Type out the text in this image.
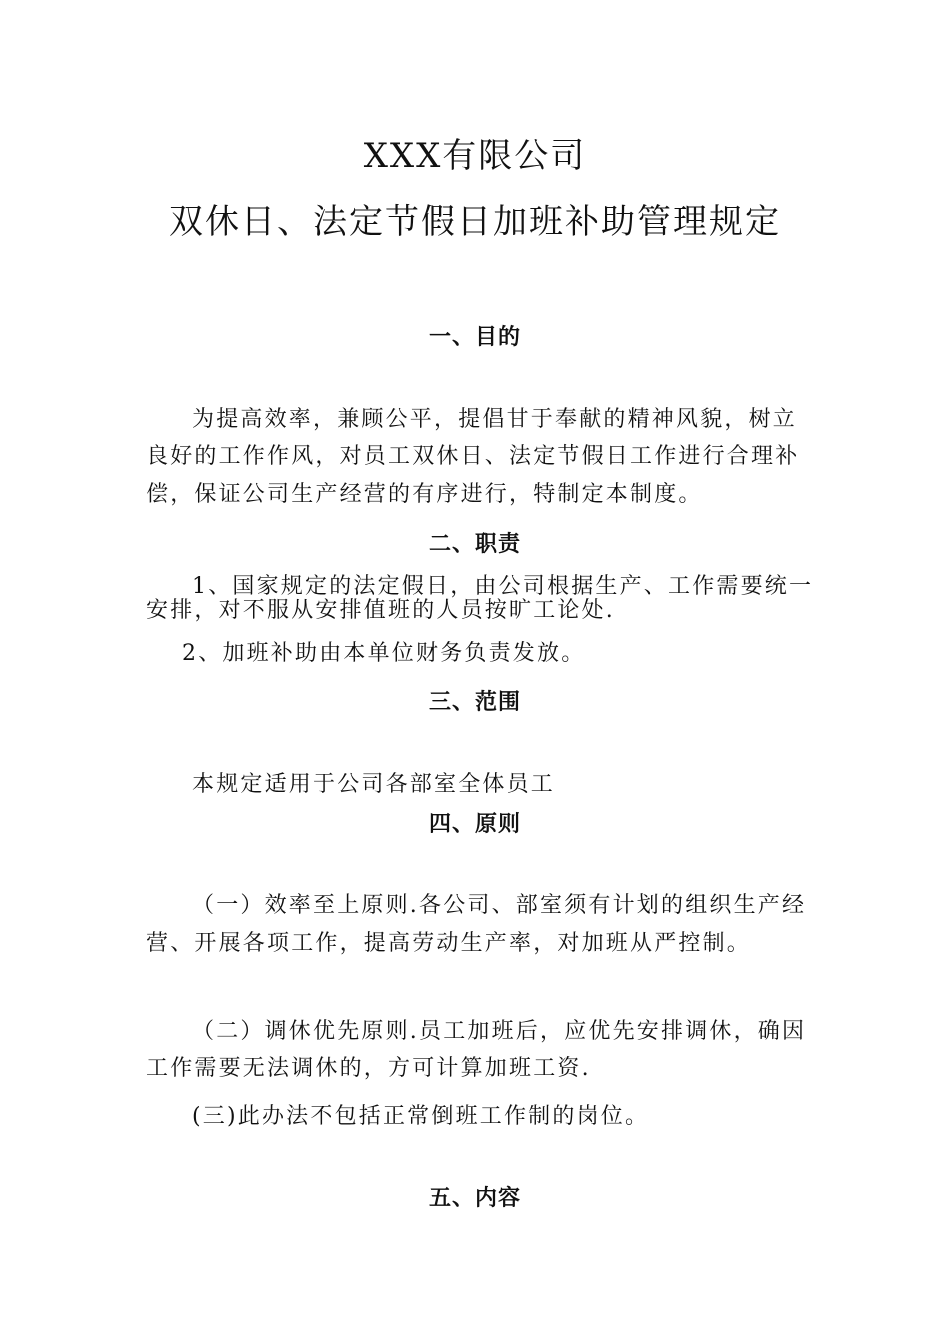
XXX有限公司
双休日、法定节假日加班补助管理规定
一、目的
为提高效率，兼顾公平，提倡甘于奉献的精神风貌，树立
良好的工作作风，对员工双休日、法定节假日工作进行合理补
偿，保证公司生产经营的有序进行，特制定本制度。
二、职责
1、国家规定的法定假日，由公司根据生产、工作需要统一
安排，对不服从安排值班的人员按旷工论处.
2、加班补助由本单位财务负责发放。
三、范围
本规定适用于公司各部室全体员工
四、原则
（一）效率至上原则.各公司、部室须有计划的组织生产经
营、开展各项工作，提高劳动生产率，对加班从严控制。
（二）调休优先原则.员工加班后，应优先安排调休，确因
工作需要无法调休的，方可计算加班工资.
(三)此办法不包括正常倒班工作制的岗位。
五、内容
